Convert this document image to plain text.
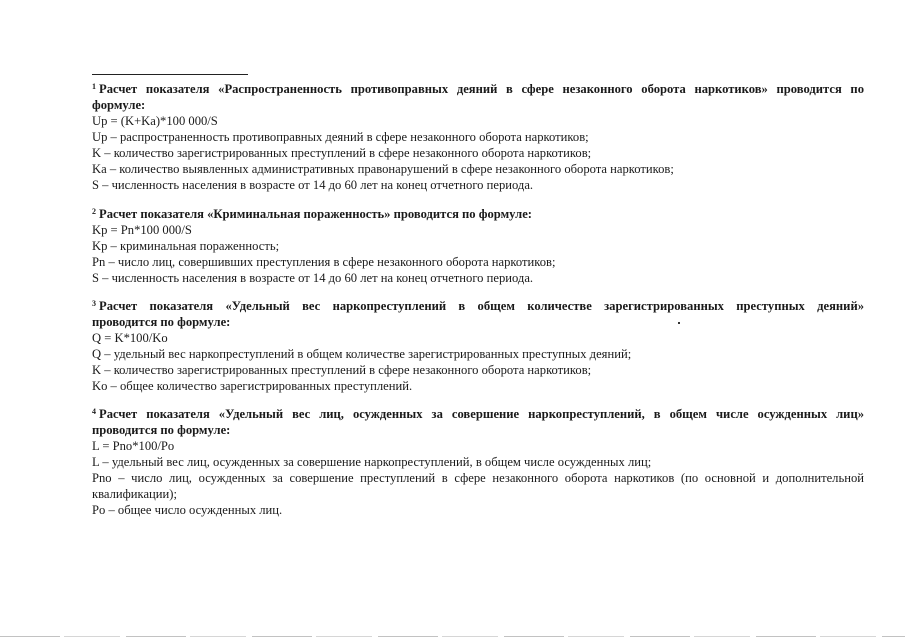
$^1$ Расчет показателя «Распространенность противоправных деяний в сфере незаконного оборота наркотиков» проводится по
формуле:
Up = (K+Ka)*100 000/S
Up – распространенность противоправных деяний в сфере незаконного оборота наркотиков;
K – количество зарегистрированных преступлений в сфере незаконного оборота наркотиков;
Ka – количество выявленных административных правонарушений в сфере незаконного оборота наркотиков;
S – численность населения в возрасте от 14 до 60 лет на конец отчетного периода.
$^2$ Расчет показателя «Криминальная пораженность» проводится по формуле:
Kp = Pn*100 000/S
Kp – криминальная пораженность;
Pn – число лиц, совершивших преступления в сфере незаконного оборота наркотиков;
S – численность населения в возрасте от 14 до 60 лет на конец отчетного периода.
$^3$ Расчет показателя «Удельный вес наркопреступлений в общем количестве зарегистрированных преступных деяний»
проводится по формуле:
Q = K*100/Ko
Q – удельный вес наркопреступлений в общем количестве зарегистрированных преступных деяний;
K – количество зарегистрированных преступлений в сфере незаконного оборота наркотиков;
Ko – общее количество зарегистрированных преступлений.
$^4$ Расчет показателя «Удельный вес лиц, осужденных за совершение наркопреступлений, в общем числе осужденных лиц»
проводится по формуле:
L = Pno*100/Po
L – удельный вес лиц, осужденных за совершение наркопреступлений, в общем числе осужденных лиц;
Pno – число лиц, осужденных за совершение преступлений в сфере незаконного оборота наркотиков (по основной и дополнительной
квалификации);
Po – общее число осужденных лиц.
